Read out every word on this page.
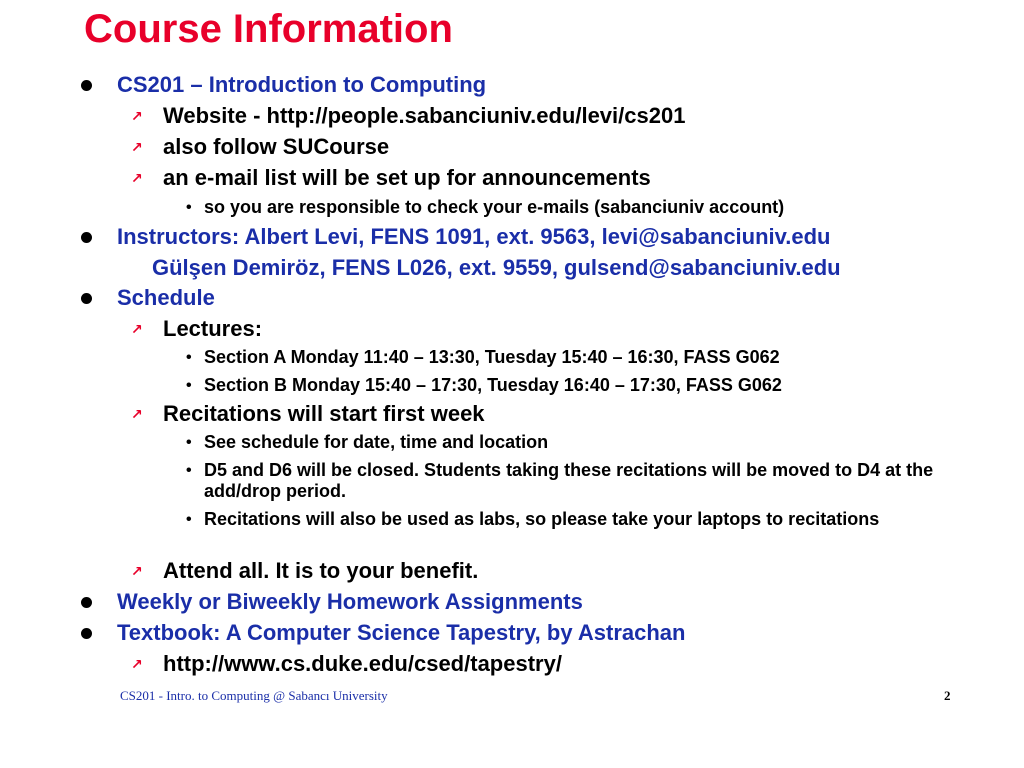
Course Information
CS201 – Introduction to Computing
↗ Website - http://people.sabanciuniv.edu/levi/cs201
↗ also follow SUCourse
↗ an e-mail list will be set up for announcements
• so you are responsible to check your e-mails (sabanciuniv account)
Instructors: Albert Levi, FENS 1091, ext. 9563, levi@sabanciuniv.edu
Gülşen Demiröz, FENS L026, ext. 9559, gulsend@sabanciuniv.edu
Schedule
↗ Lectures:
• Section A Monday 11:40 – 13:30, Tuesday 15:40 – 16:30, FASS G062
• Section B Monday 15:40 – 17:30, Tuesday 16:40 – 17:30, FASS G062
↗ Recitations will start first week
• See schedule for date, time and location
• D5 and D6 will be closed. Students taking these recitations will be moved to D4 at the add/drop period.
• Recitations will also be used as labs, so please take your laptops to recitations
↗ Attend all. It is to your benefit.
Weekly or Biweekly Homework Assignments
Textbook: A Computer Science Tapestry, by Astrachan
↗ http://www.cs.duke.edu/csed/tapestry/
CS201 - Intro. to Computing @ Sabancı University	2
